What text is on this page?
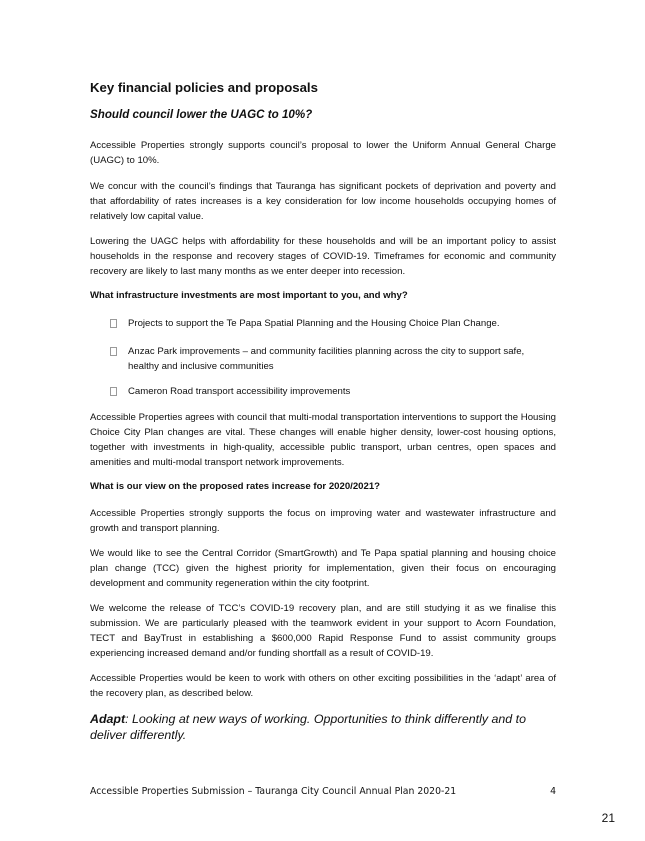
Key financial policies and proposals
Should council lower the UAGC to 10%?

Accessible Properties strongly supports council’s proposal to lower the Uniform Annual General Charge (UAGC) to 10%.

We concur with the council’s findings that Tauranga has significant pockets of deprivation and poverty and that affordability of rates increases is a key consideration for low income households occupying homes of relatively low capital value.

Lowering the UAGC helps with affordability for these households and will be an important policy to assist households in the response and recovery stages of COVID-19. Timeframes for economic and community recovery are likely to last many months as we enter deeper into recession.

What infrastructure investments are most important to you, and why?
Projects to support the Te Papa Spatial Planning and the Housing Choice Plan Change.
Anzac Park improvements – and community facilities planning across the city to support safe, healthy and inclusive communities
Cameron Road transport accessibility improvements

Accessible Properties agrees with council that multi-modal transportation interventions to support the Housing Choice City Plan changes are vital. These changes will enable higher density, lower-cost housing options, together with investments in high-quality, accessible public transport, urban centres, open spaces and amenities and multi-modal transport network improvements.

What is our view on the proposed rates increase for 2020/2021?

Accessible Properties strongly supports the focus on improving water and wastewater infrastructure and growth and transport planning.

We would like to see the Central Corridor (SmartGrowth) and Te Papa spatial planning and housing choice plan change (TCC) given the highest priority for implementation, given their focus on encouraging development and community regeneration within the city footprint.

We welcome the release of TCC’s COVID-19 recovery plan, and are still studying it as we finalise this submission. We are particularly pleased with the teamwork evident in your support to Acorn Foundation, TECT and BayTrust in establishing a $600,000 Rapid Response Fund to assist community groups experiencing increased demand and/or funding shortfall as a result of COVID-19.

Accessible Properties would be keen to work with others on other exciting possibilities in the ‘adapt’ area of the recovery plan, as described below.

Adapt: Looking at new ways of working. Opportunities to think differently and to deliver differently.

Accessible Properties Submission – Tauranga City Council Annual Plan 2020-21	4
21
